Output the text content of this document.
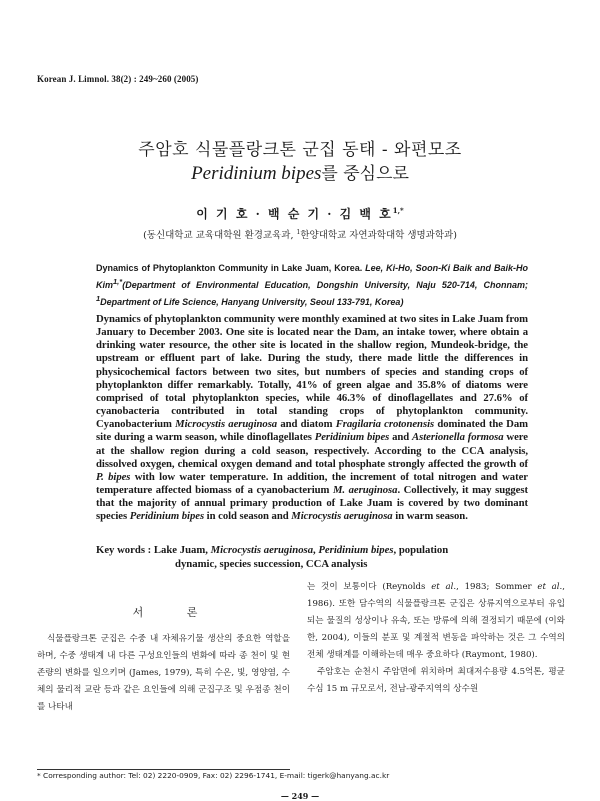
Korean J. Limnol. 38(2) : 249~260 (2005)
주암호 식물플랑크톤 군집 동태 - 와편모조
Peridinium bipes를 중심으로
이 기 호 · 백 순 기 · 김 백 호$^{1,*}$
(동신대학교 교육대학원 환경교육과, $^1$한양대학교 자연과학대학 생명과학과)
Dynamics of Phytoplankton Community in Lake Juam, Korea. Lee, Ki-Ho, Soon-Ki Baik and Baik-Ho Kim$^{1,*}$(Department of Environmental Education, Dongshin University, Naju 520-714, Chonnam; $^1$Department of Life Science, Hanyang University, Seoul 133-791, Korea)

Dynamics of phytoplankton community were monthly examined at two sites in Lake Juam from January to December 2003. One site is located near the Dam, an intake tower, where obtain a drinking water resource, the other site is located in the shallow region, Mundeok-bridge, the upstream or effluent part of lake. During the study, there made little the differences in physicochemical factors between two sites, but numbers of species and standing crops of phytoplankton differ remarkably. Totally, 41% of green algae and 35.8% of diatoms were comprised of total phytoplankton species, while 46.3% of dinoflagellates and 27.6% of cyanobacteria contributed in total standing crops of phytoplankton community. Cyanobacterium Microcystis aeruginosa and diatom Fragilaria crotonensis dominated the Dam site during a warm season, while dinoflagellates Peridinium bipes and Asterionella formosa were at the shallow region during a cold season, respectively. According to the CCA analysis, dissolved oxygen, chemical oxygen demand and total phosphate strongly affected the growth of P. bipes with low water temperature. In addition, the increment of total nitrogen and water temperature affected biomass of a cyanobacterium M. aeruginosa. Collectively, it may suggest that the majority of annual primary production of Lake Juam is covered by two dominant species Peridinium bipes in cold season and Microcystis aeruginosa in warm season.

Key words : Lake Juam, Microcystis aeruginosa, Peridinium bipes, population
dynamic, species succession, CCA analysis
서 론

식물플랑크톤 군집은 수중 내 자체유기물 생산의 중요한 역할을 하며, 수중 생태계 내 다른 구성요인들의 변화에 따라 종 천이 및 현존량의 변화를 일으키며 (James, 1979), 특히 수온, 빛, 영양염, 수체의 물리적 교란 등과 같은 요인들에 의해 군집구조 및 우점종 천이를 나타내

는 것이 보통이다 (Reynolds et al., 1983; Sommer et al., 1986). 또한 담수역의 식물플랑크톤 군집은 상류지역으로부터 유입되는 물질의 성상이나 유속, 또는 방류에 의해 결정되기 때문에 (이와 한, 2004), 이들의 분포 및 계절적 변동을 파악하는 것은 그 수역의 전체 생태계를 이해하는데 매우 중요하다 (Raymont, 1980).

주암호는 순천시 주암면에 위치하며 최대저수용량 4.5억톤, 평균수심 15 m 규모로서, 전남-광주지역의 상수원

* Corresponding author: Tel: 02) 2220-0909, Fax: 02) 2296-1741, E-mail: tigerk@hanyang.ac.kr
— 249 —
